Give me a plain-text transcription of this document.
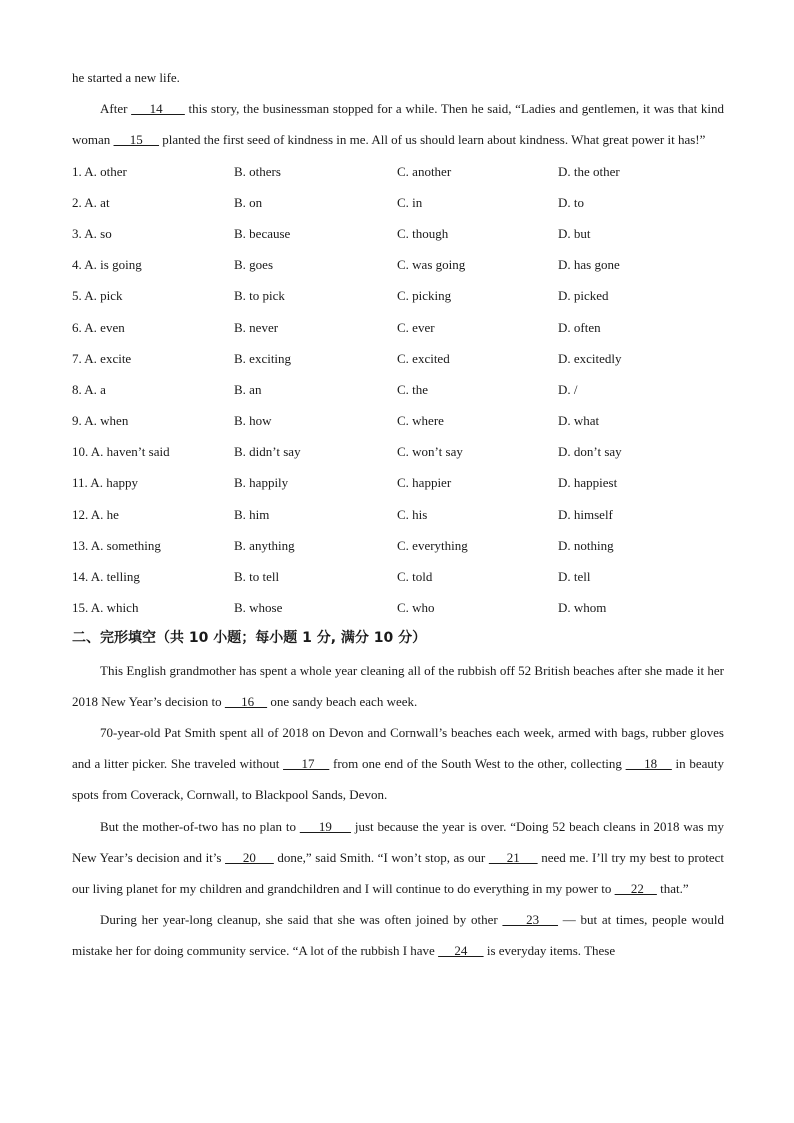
he started a new life.
After      14       this story, the businessman stopped for a while. Then he said, “Ladies and gentlemen, it was that kind woman      15      planted the first seed of kindness in me. All of us should learn about kindness. What great power it has!”
1. A. other	B. others	C. another	D. the other
2. A. at	B. on	C. in	D. to
3. A. so	B. because	C. though	D. but
4. A. is going	B. goes	C. was going	D. has gone
5. A. pick	B. to pick	C. picking	D. picked
6. A. even	B. never	C. ever	D. often
7. A. excite	B. exciting	C. excited	D. excitedly
8. A. a	B. an	C. the	D. /
9. A. when	B. how	C. where	D. what
10. A. haven’t said	B. didn’t say	C. won’t say	D. don’t say
11. A. happy	B. happily	C. happier	D. happiest
12. A. he	B. him	C. his	D. himself
13. A. something	B. anything	C. everything	D. nothing
14. A. telling	B. to tell	C. told	D. tell
15. A. which	B. whose	C. who	D. whom
二、完形填空（共 10 小题；每小题 1 分, 满分 10 分）
This English grandmother has spent a whole year cleaning all of the rubbish off 52 British beaches after she made it her 2018 New Year’s decision to      16     one sandy beach each week.
70-year-old Pat Smith spent all of 2018 on Devon and Cornwall’s beaches each week, armed with bags, rubber gloves and a litter picker. She traveled without      17     from one end of the South West to the other, collecting      18     in beauty spots from Coverack, Cornwall, to Blackpool Sands, Devon.
But the mother-of-two has no plan to      19      just because the year is over. “Doing 52 beach cleans in 2018 was my New Year’s decision and it’s      20      done,” said Smith. “I won’t stop, as our      21      need me. I’ll try my best to protect our living planet for my children and grandchildren and I will continue to do everything in my power to      22     that.”
During her year-long cleanup, she said that she was often joined by other      23     — but at times, people would mistake her for doing community service. “A lot of the rubbish I have      24      is everyday items. These
